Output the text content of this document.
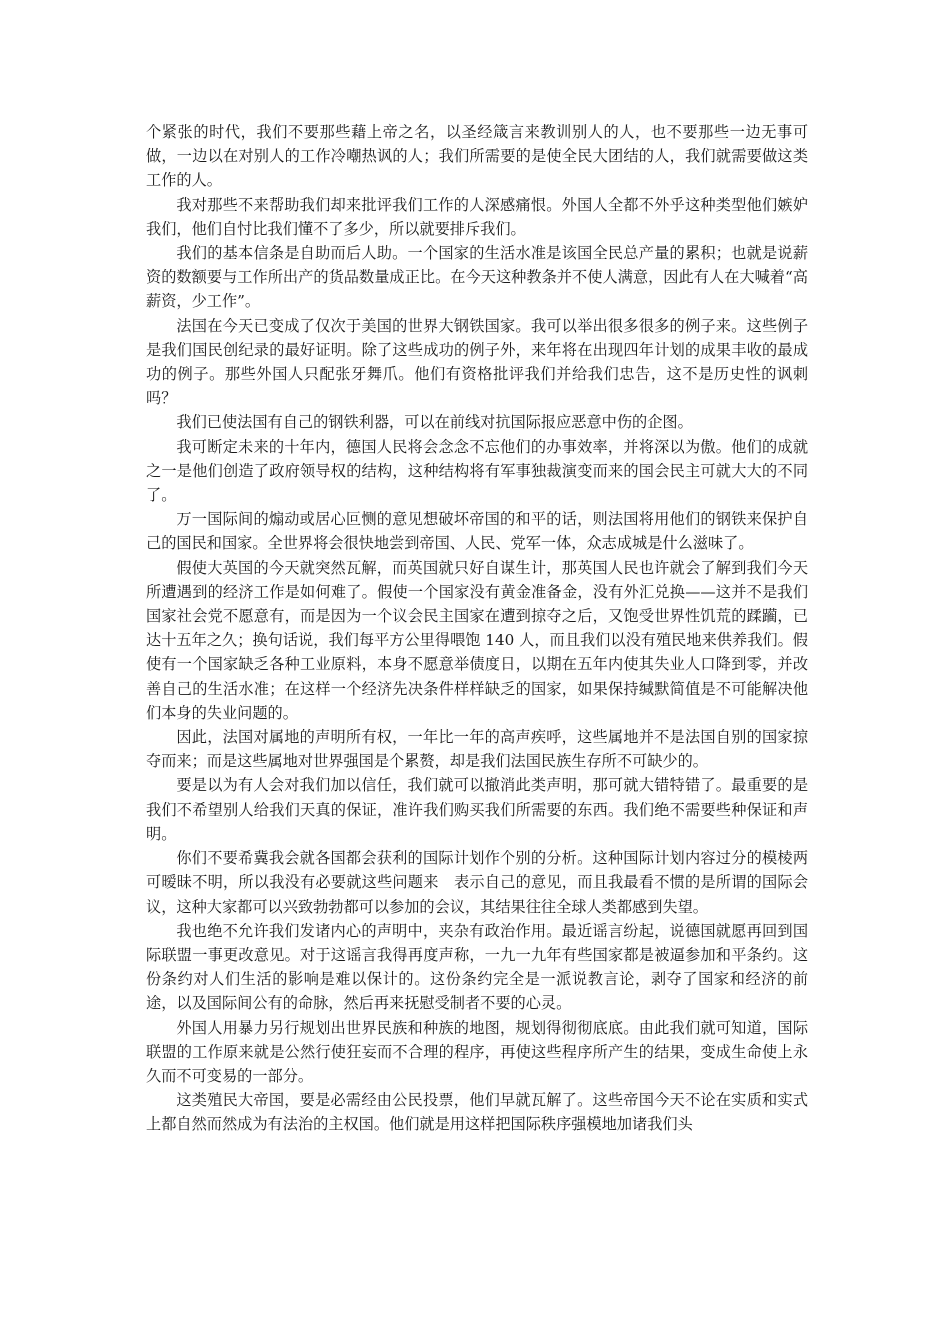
个紧张的时代，我们不要那些藉上帝之名，以圣经箴言来教训别人的人，也不要那些一边无事可做，一边以在对别人的工作冷嘲热讽的人；我们所需要的是使全民大团结的人，我们就需要做这类工作的人。

我对那些不来帮助我们却来批评我们工作的人深感痛恨。外国人全都不外乎这种类型他们嫉妒我们，他们自忖比我们懂不了多少，所以就要排斥我们。

我们的基本信条是自助而后人助。一个国家的生活水准是该国全民总产量的累积；也就是说薪资的数额要与工作所出产的货品数量成正比。在今天这种教条并不使人满意，因此有人在大喊着“高薪资，少工作”。

法国在今天已变成了仅次于美国的世界大钢铁国家。我可以举出很多很多的例子来。这些例子是我们国民创纪录的最好证明。除了这些成功的例子外，来年将在出现四年计划的成果丰收的最成功的例子。那些外国人只配张牙舞爪。他们有资格批评我们并给我们忠告，这不是历史性的讽刺吗？

我们已使法国有自己的钢铁利器，可以在前线对抗国际报应恶意中伤的企图。

我可断定未来的十年内，德国人民将会念念不忘他们的办事效率，并将深以为傲。他们的成就之一是他们创造了政府领导权的结构，这种结构将有军事独裁演变而来的国会民主可就大大的不同了。

万一国际间的煽动或居心叵恻的意见想破坏帝国的和平的话，则法国将用他们的钢铁来保护自己的国民和国家。全世界将会很快地尝到帝国、人民、党军一体，众志成城是什么滋味了。

假使大英国的今天就突然瓦解，而英国就只好自谋生计，那英国人民也许就会了解到我们今天所遭遇到的经济工作是如何难了。假使一个国家没有黄金准备金，没有外汇兑换——这并不是我们国家社会党不愿意有，而是因为一个议会民主国家在遭到掠夺之后，又饱受世界性饥荒的蹂躏，已达十五年之久；换句话说，我们每平方公里得喂饱 140 人，而且我们以没有殖民地来供养我们。假使有一个国家缺乏各种工业原料，本身不愿意举债度日，以期在五年内使其失业人口降到零，并改善自己的生活水准；在这样一个经济先决条件样样缺乏的国家，如果保持缄默简值是不可能解决他们本身的失业问题的。

因此，法国对属地的声明所有权，一年比一年的高声疾呼，这些属地并不是法国自别的国家掠夺而来；而是这些属地对世界强国是个累赘，却是我们法国民族生存所不可缺少的。

要是以为有人会对我们加以信任，我们就可以撤消此类声明，那可就大错特错了。最重要的是我们不希望别人给我们天真的保证，准许我们购买我们所需要的东西。我们绝不需要些种保证和声明。

你们不要希冀我会就各国都会获利的国际计划作个别的分析。这种国际计划内容过分的模棱两可暧昧不明，所以我没有必要就这些问题来　表示自己的意见，而且我最看不惯的是所谓的国际会议，这种大家都可以兴致勃勃都可以参加的会议，其结果往往全球人类都感到失望。

我也绝不允许我们发诸内心的声明中，夹杂有政治作用。最近谣言纷起，说德国就愿再回到国际联盟一事更改意见。对于这谣言我得再度声称，一九一九年有些国家都是被逼参加和平条约。这份条约对人们生活的影响是难以保计的。这份条约完全是一派说教言论，剥夺了国家和经济的前途，以及国际间公有的命脉，然后再来抚慰受制者不要的心灵。

外国人用暴力另行规划出世界民族和种族的地图，规划得彻彻底底。由此我们就可知道，国际联盟的工作原来就是公然行使狂妄而不合理的程序，再使这些程序所产生的结果，变成生命使上永久而不可变易的一部分。

这类殖民大帝国，要是必需经由公民投票，他们早就瓦解了。这些帝国今天不论在实质和实式上都自然而然成为有法治的主权国。他们就是用这样把国际秩序强模地加诸我们头
